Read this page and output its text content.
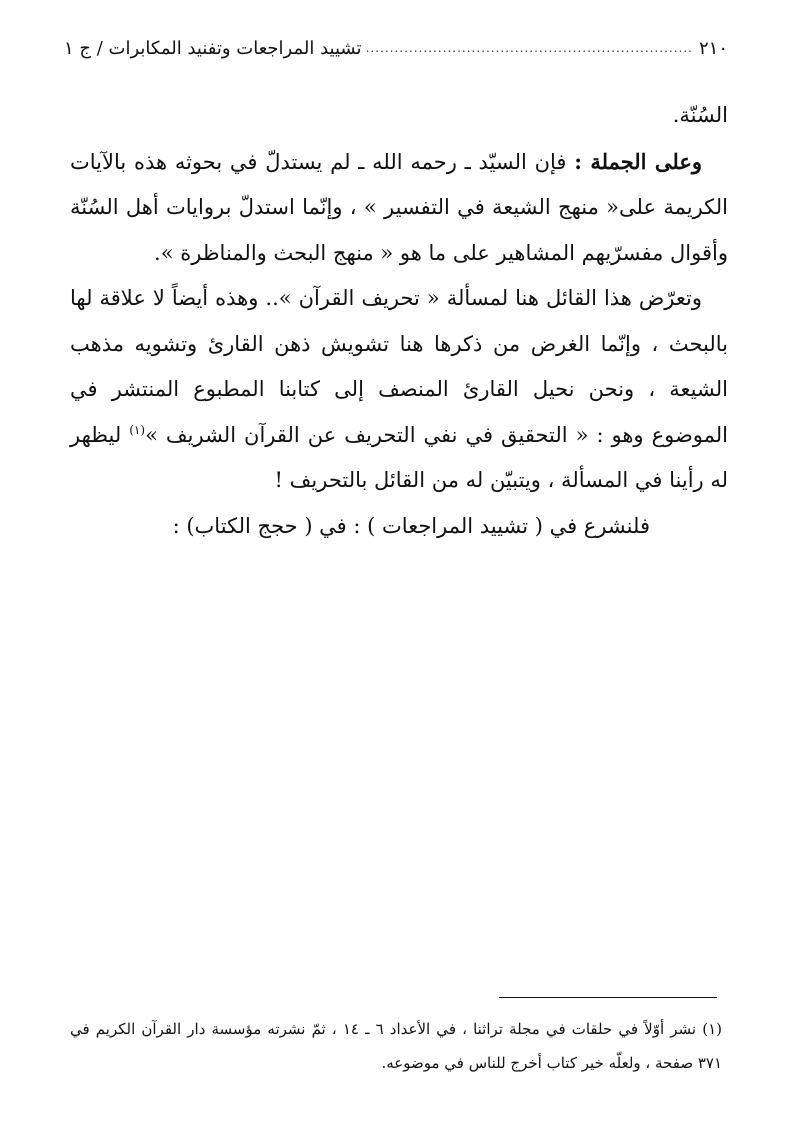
٢١٠
.....
تشييد المراجعات وتفنيد المكابرات / ج ١

السُنّة.

وعلى الجملة : فإن السيّد ـ رحمه الله ـ لم يستدلّ في بحوثه هذه بالآيات الكريمة على« منهج الشيعة في التفسير » ، وإنّما استدلّ بروايات أهل السُنّة وأقوال مفسرّيهم المشاهير على ما هو « منهج البحث والمناظرة ».

وتعرّض هذا القائل هنا لمسألة « تحريف القرآن ».. وهذه أيضاً لا علاقة لها بالبحث ، وإنّما الغرض من ذكرها هنا تشويش ذهن القارئ وتشويه مذهب الشيعة ، ونحن نحيل القارئ المنصف إلى كتابنا المطبوع المنتشر في الموضوع وهو : « التحقيق في نفي التحريف عن القرآن الشريف »$^{(١)}$ ليظهر له رأينا في المسألة ، ويتبيّن له من القائل بالتحريف !

فلنشرع في ( تشييد المراجعات ) : في ( حجج الكتاب) :

(١) نشر أوّلاً في حلقات في مجلة تراثنا ، في الأعداد ٦ ـ ١٤ ، ثمّ نشرته مؤسسة دار القرآن الكريم في ٣٧١ صفحة ، ولعلّه خير كتاب أخرج للناس في موضوعه.
